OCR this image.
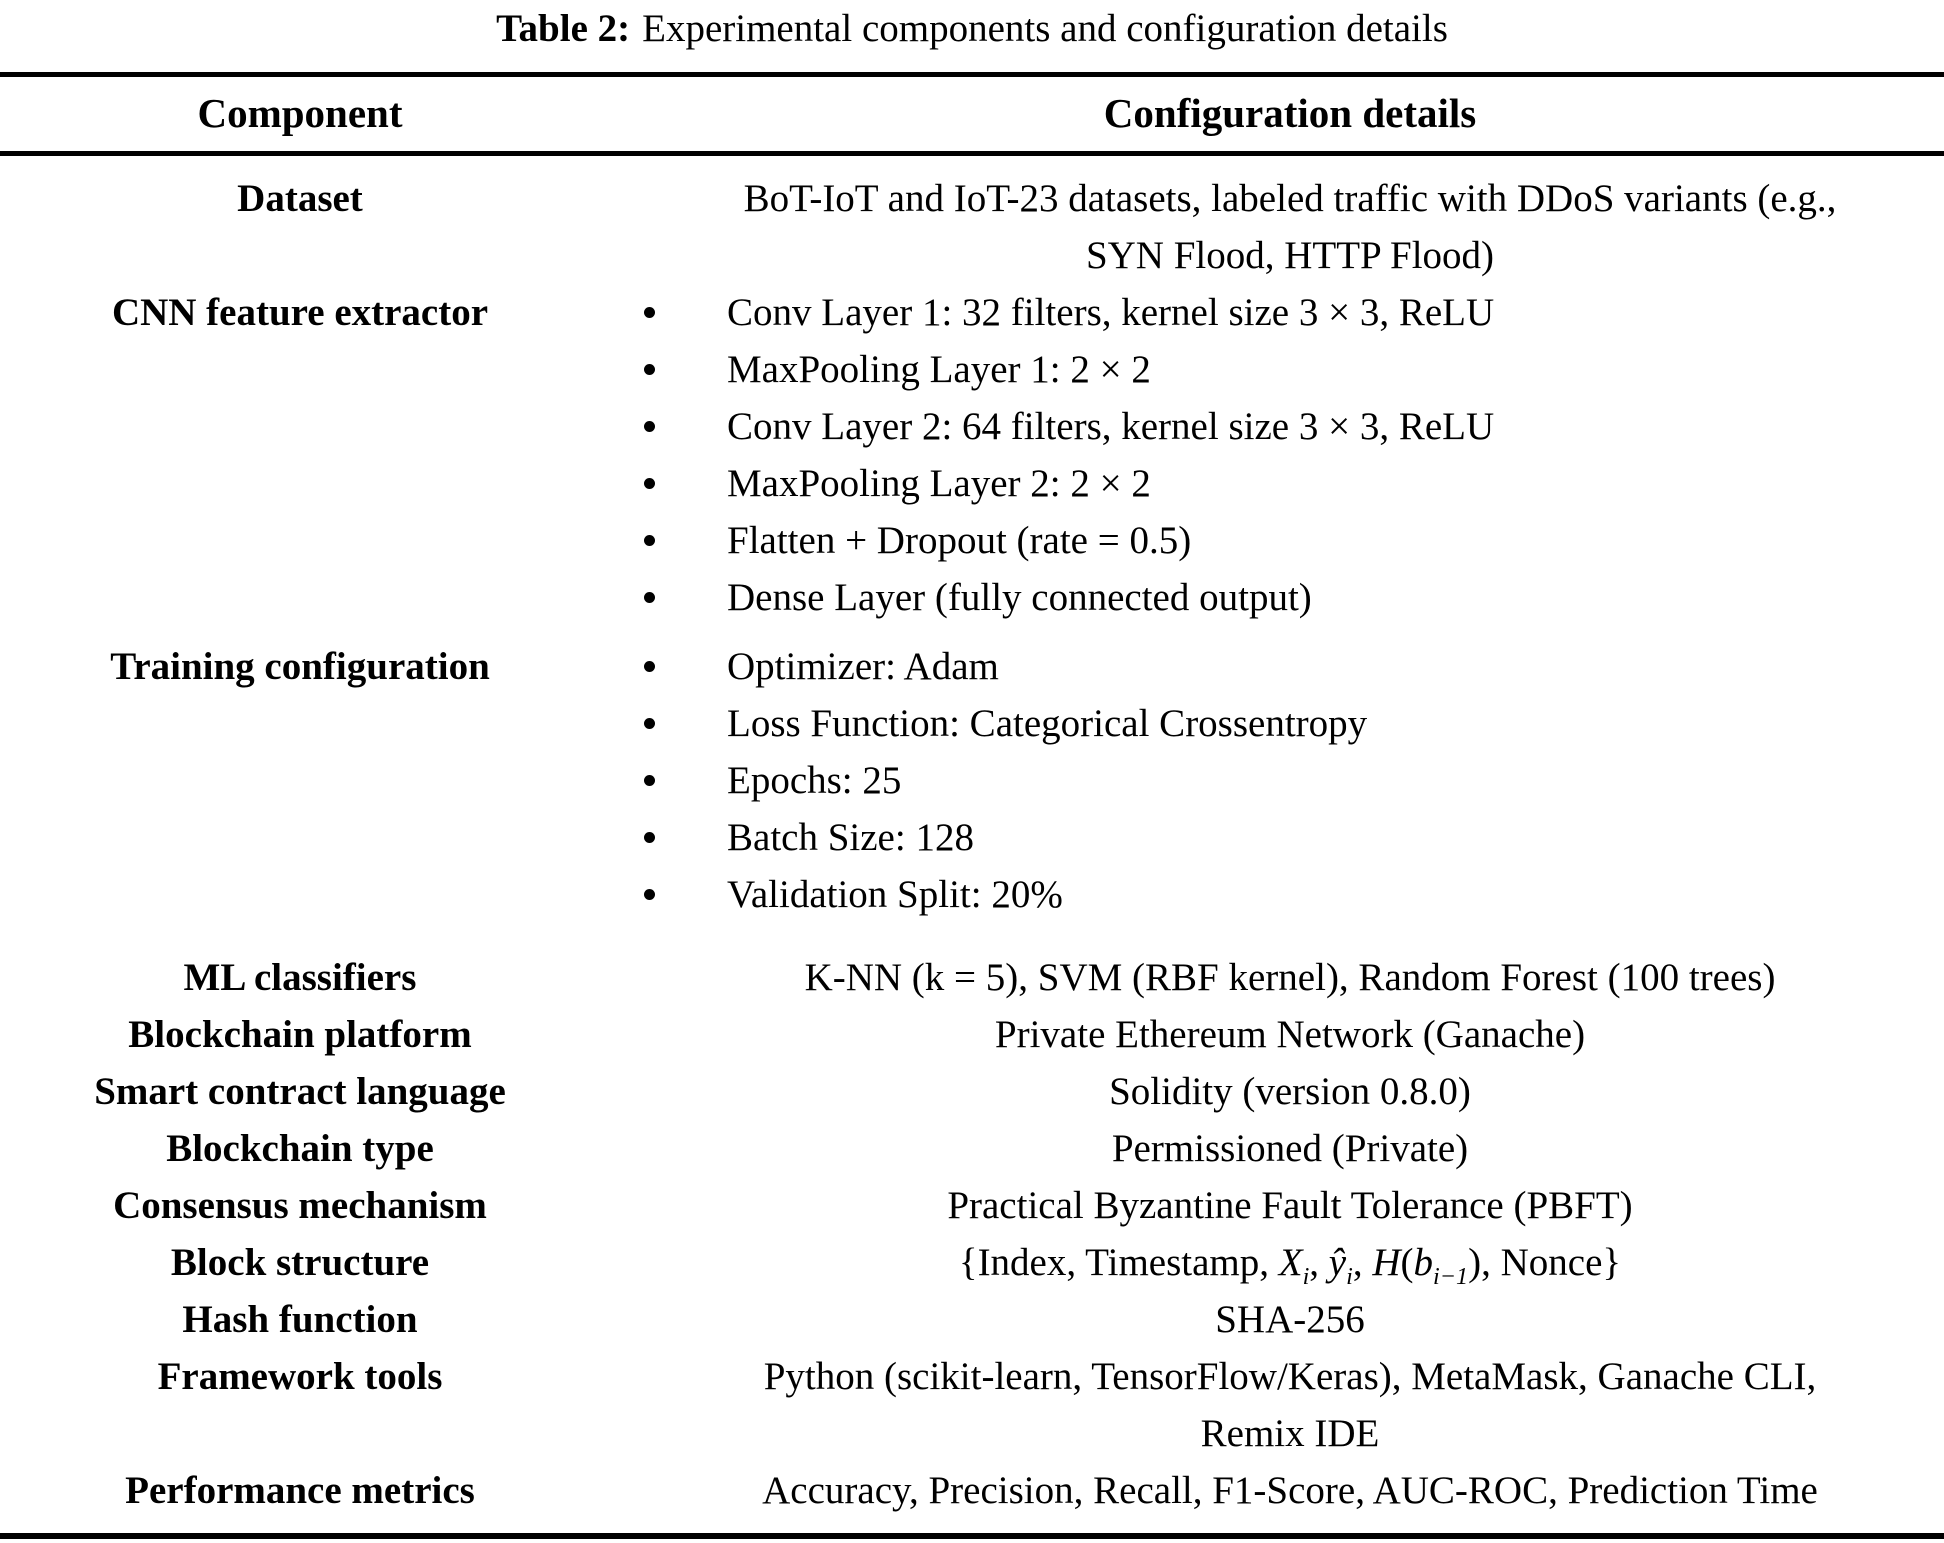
Table 2: Experimental components and configuration details
Component	Configuration details
Dataset	BoT-IoT and IoT-23 datasets, labeled traffic with DDoS variants (e.g.,
SYN Flood, HTTP Flood)
CNN feature extractor	Conv Layer 1: 32 filters, kernel size 3 × 3, ReLU
MaxPooling Layer 1: 2 × 2
Conv Layer 2: 64 filters, kernel size 3 × 3, ReLU
MaxPooling Layer 2: 2 × 2
Flatten + Dropout (rate = 0.5)
Dense Layer (fully connected output)
Training configuration	Optimizer: Adam
Loss Function: Categorical Crossentropy
Epochs: 25
Batch Size: 128
Validation Split: 20%
ML classifiers	K-NN (k = 5), SVM (RBF kernel), Random Forest (100 trees)
Blockchain platform	Private Ethereum Network (Ganache)
Smart contract language	Solidity (version 0.8.0)
Blockchain type	Permissioned (Private)
Consensus mechanism	Practical Byzantine Fault Tolerance (PBFT)
Block structure	{Index, Timestamp, $X_i$, $ŷ_i$, $H(b_{i-1})$, Nonce}
Hash function	SHA-256
Framework tools	Python (scikit-learn, TensorFlow/Keras), MetaMask, Ganache CLI,
Remix IDE
Performance metrics	Accuracy, Precision, Recall, F1-Score, AUC-ROC, Prediction Time
